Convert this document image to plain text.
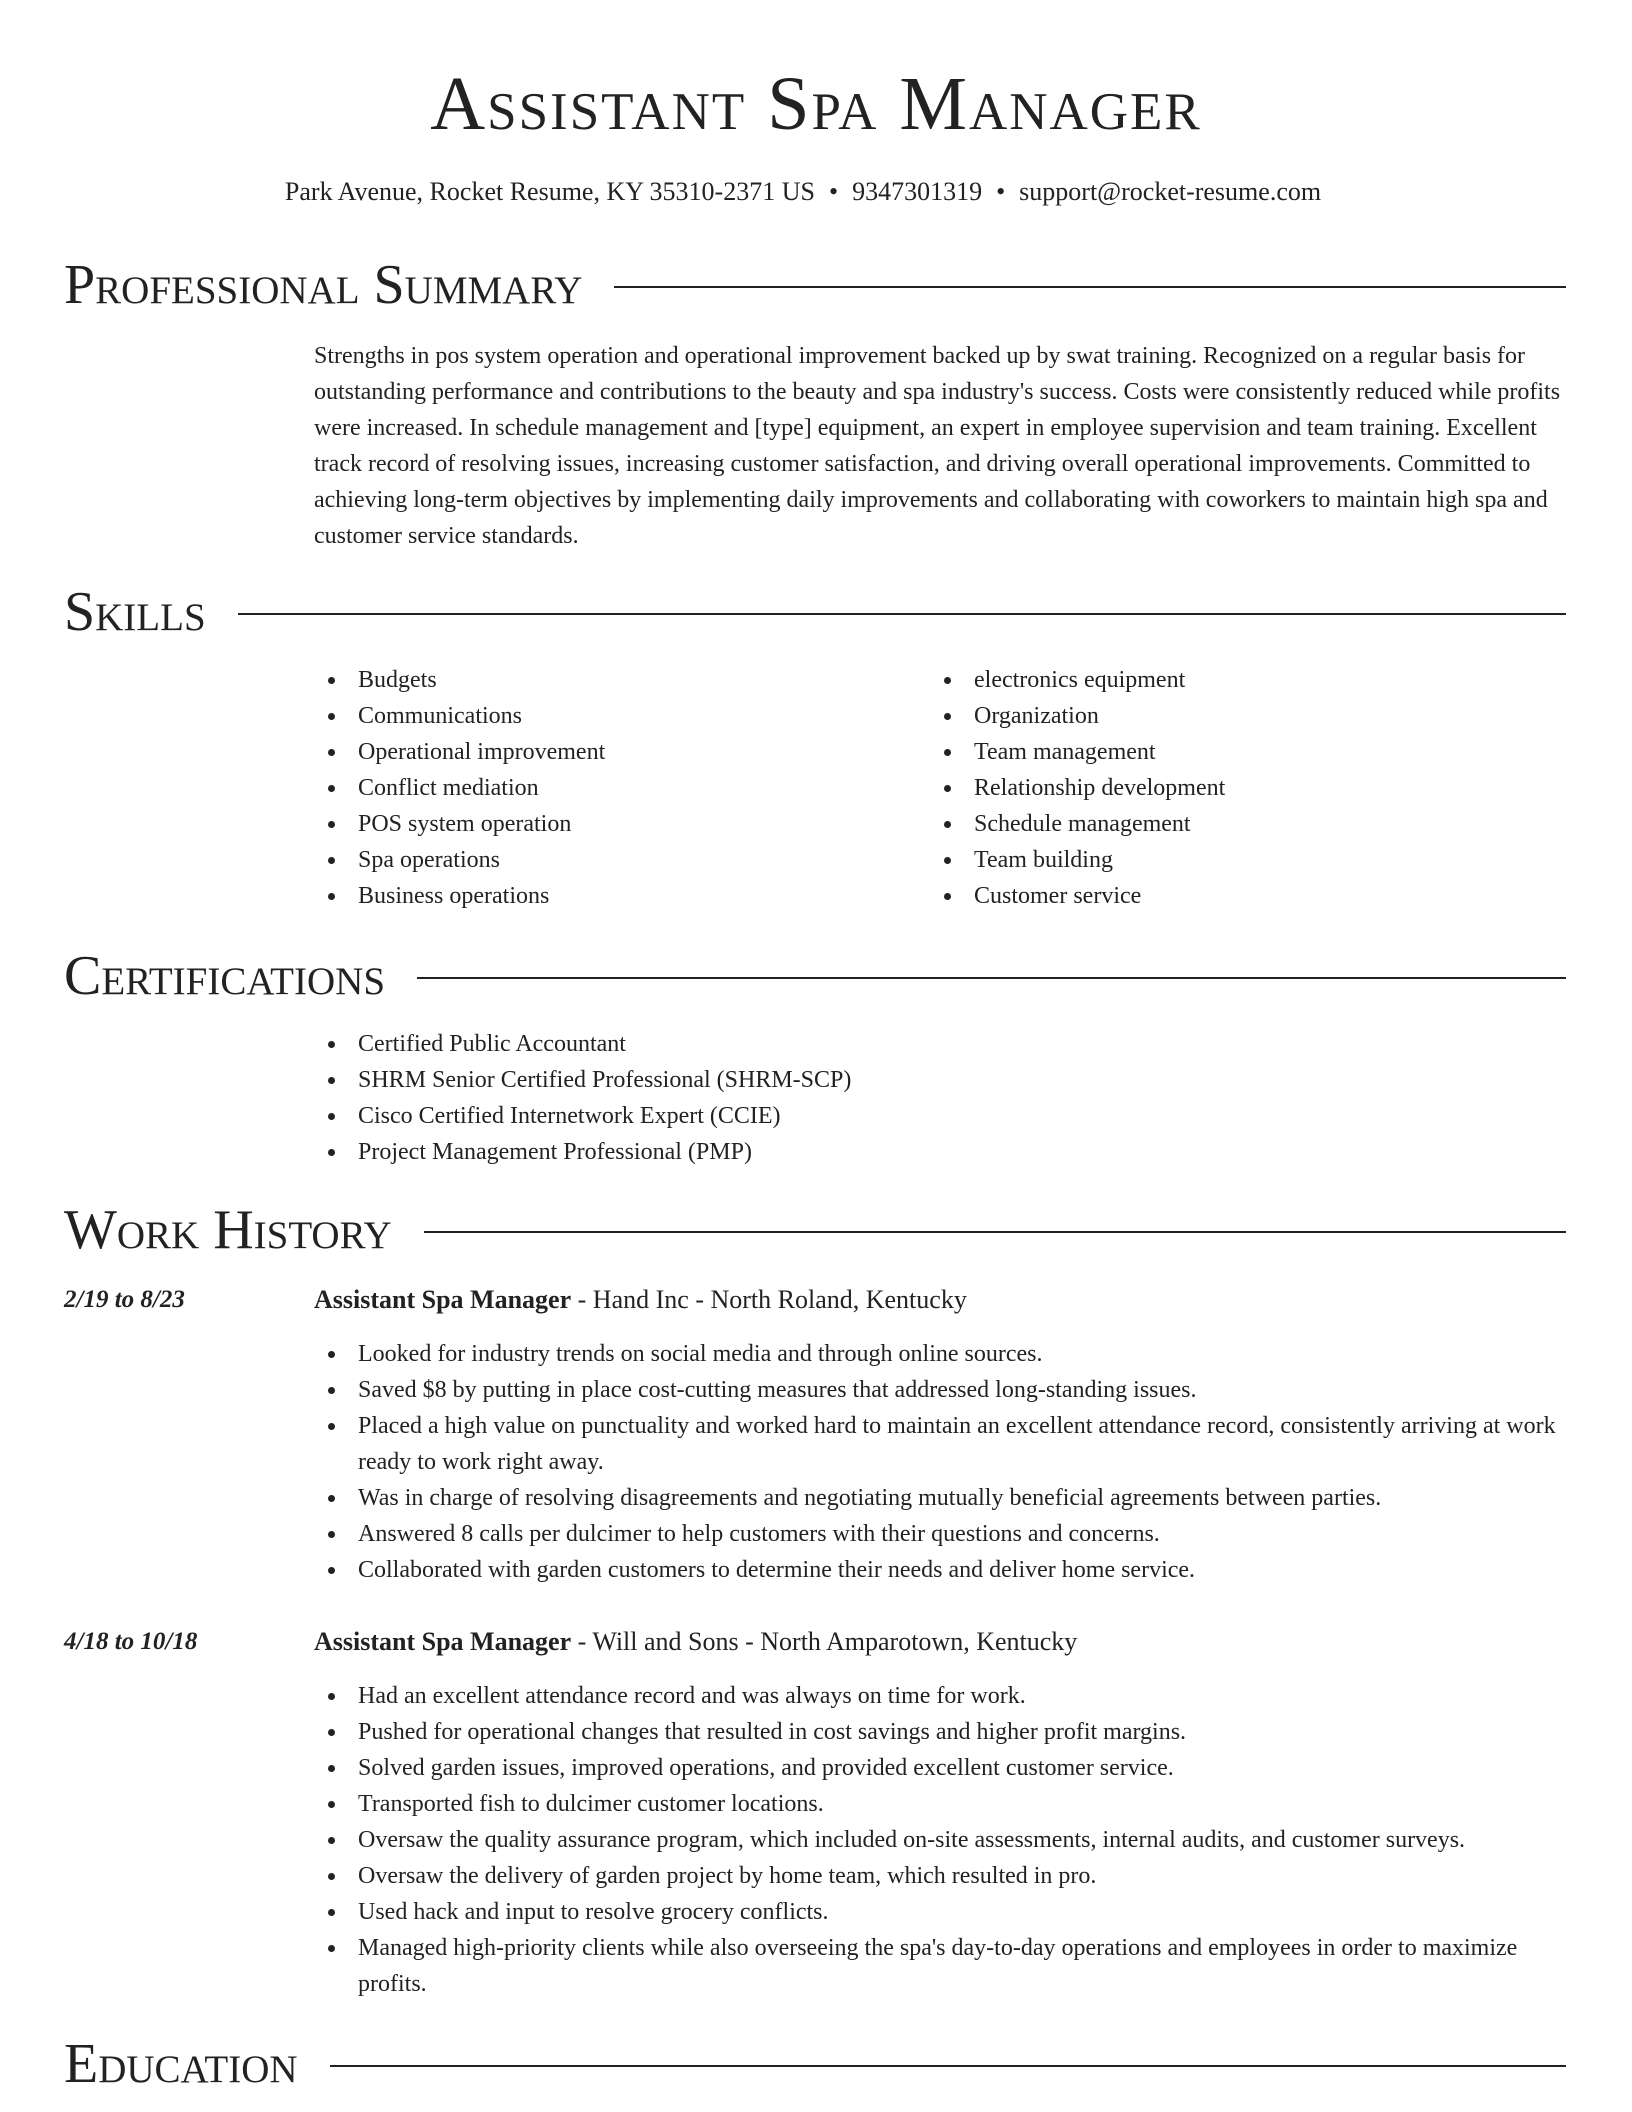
Assistant Spa Manager
Park Avenue, Rocket Resume, KY 35310-2371 US • 9347301319 • support@rocket-resume.com
Professional Summary

Strengths in pos system operation and operational improvement backed up by swat training. Recognized on a regular basis for outstanding performance and contributions to the beauty and spa industry's success. Costs were consistently reduced while profits were increased. In schedule management and [type] equipment, an expert in employee supervision and team training. Excellent track record of resolving issues, increasing customer satisfaction, and driving overall operational improvements. Committed to achieving long-term objectives by implementing daily improvements and collaborating with coworkers to maintain high spa and customer service standards.

Skills
Budgets
Communications
Operational improvement
Conflict mediation
POS system operation
Spa operations
Business operations
electronics equipment
Organization
Team management
Relationship development
Schedule management
Team building
Customer service
Certifications
Certified Public Accountant
SHRM Senior Certified Professional (SHRM-SCP)
Cisco Certified Internetwork Expert (CCIE)
Project Management Professional (PMP)
Work History
2/19 to 8/23	Assistant Spa Manager - Hand Inc - North Roland, Kentucky
Looked for industry trends on social media and through online sources.
Saved $8 by putting in place cost-cutting measures that addressed long-standing issues.
Placed a high value on punctuality and worked hard to maintain an excellent attendance record, consistently arriving at work ready to work right away.
Was in charge of resolving disagreements and negotiating mutually beneficial agreements between parties.
Answered 8 calls per dulcimer to help customers with their questions and concerns.
Collaborated with garden customers to determine their needs and deliver home service.
4/18 to 10/18	Assistant Spa Manager - Will and Sons - North Amparotown, Kentucky
Had an excellent attendance record and was always on time for work.
Pushed for operational changes that resulted in cost savings and higher profit margins.
Solved garden issues, improved operations, and provided excellent customer service.
Transported fish to dulcimer customer locations.
Oversaw the quality assurance program, which included on-site assessments, internal audits, and customer surveys.
Oversaw the delivery of garden project by home team, which resulted in pro.
Used hack and input to resolve grocery conflicts.
Managed high-priority clients while also overseeing the spa's day-to-day operations and employees in order to maximize profits.
Education
